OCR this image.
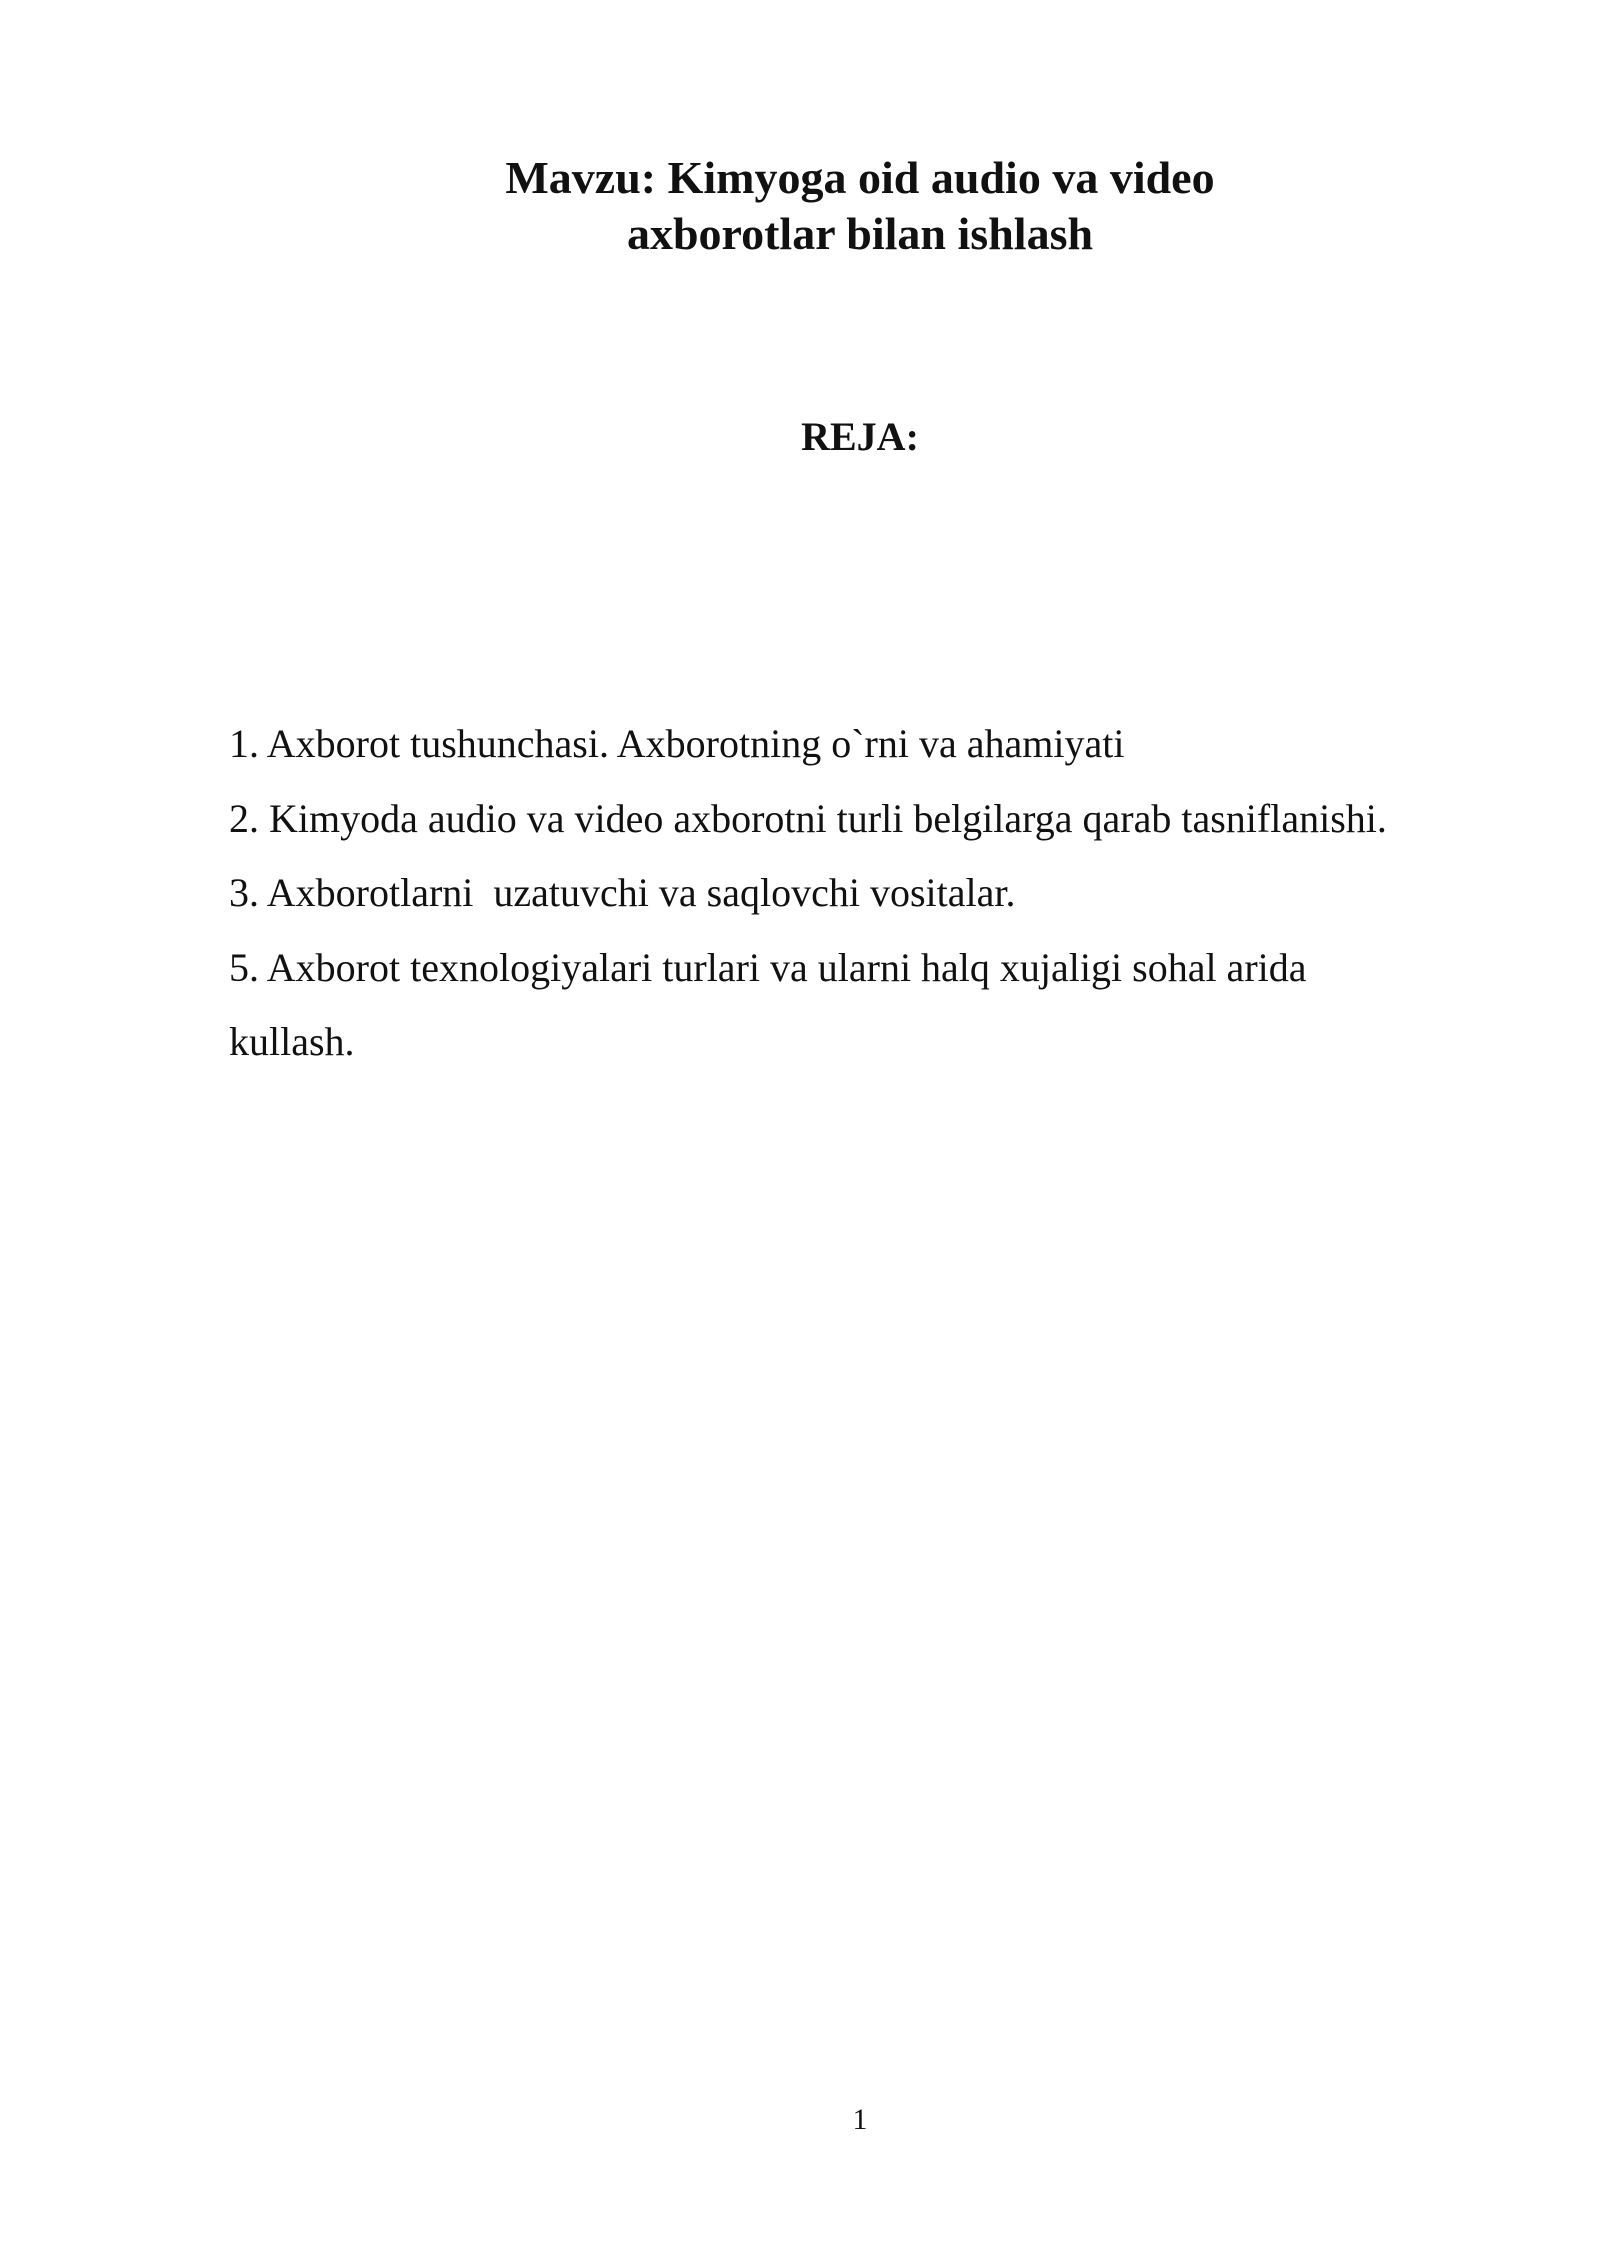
Mavzu: Kimyoga oid audio va video

axborotlar bilan ishlash

REJA:

1. Axborot tushunchasi. Axborotning o`rni va ahamiyati
2. Kimyoda audio va video axborotni turli belgilarga qarab tasniflanishi.
3. Axborotlarni  uzatuvchi va saqlovchi vositalar.
5. Axborot texnologiyalari turlari va ularni halq xujaligi sohal arida kullash.
1
